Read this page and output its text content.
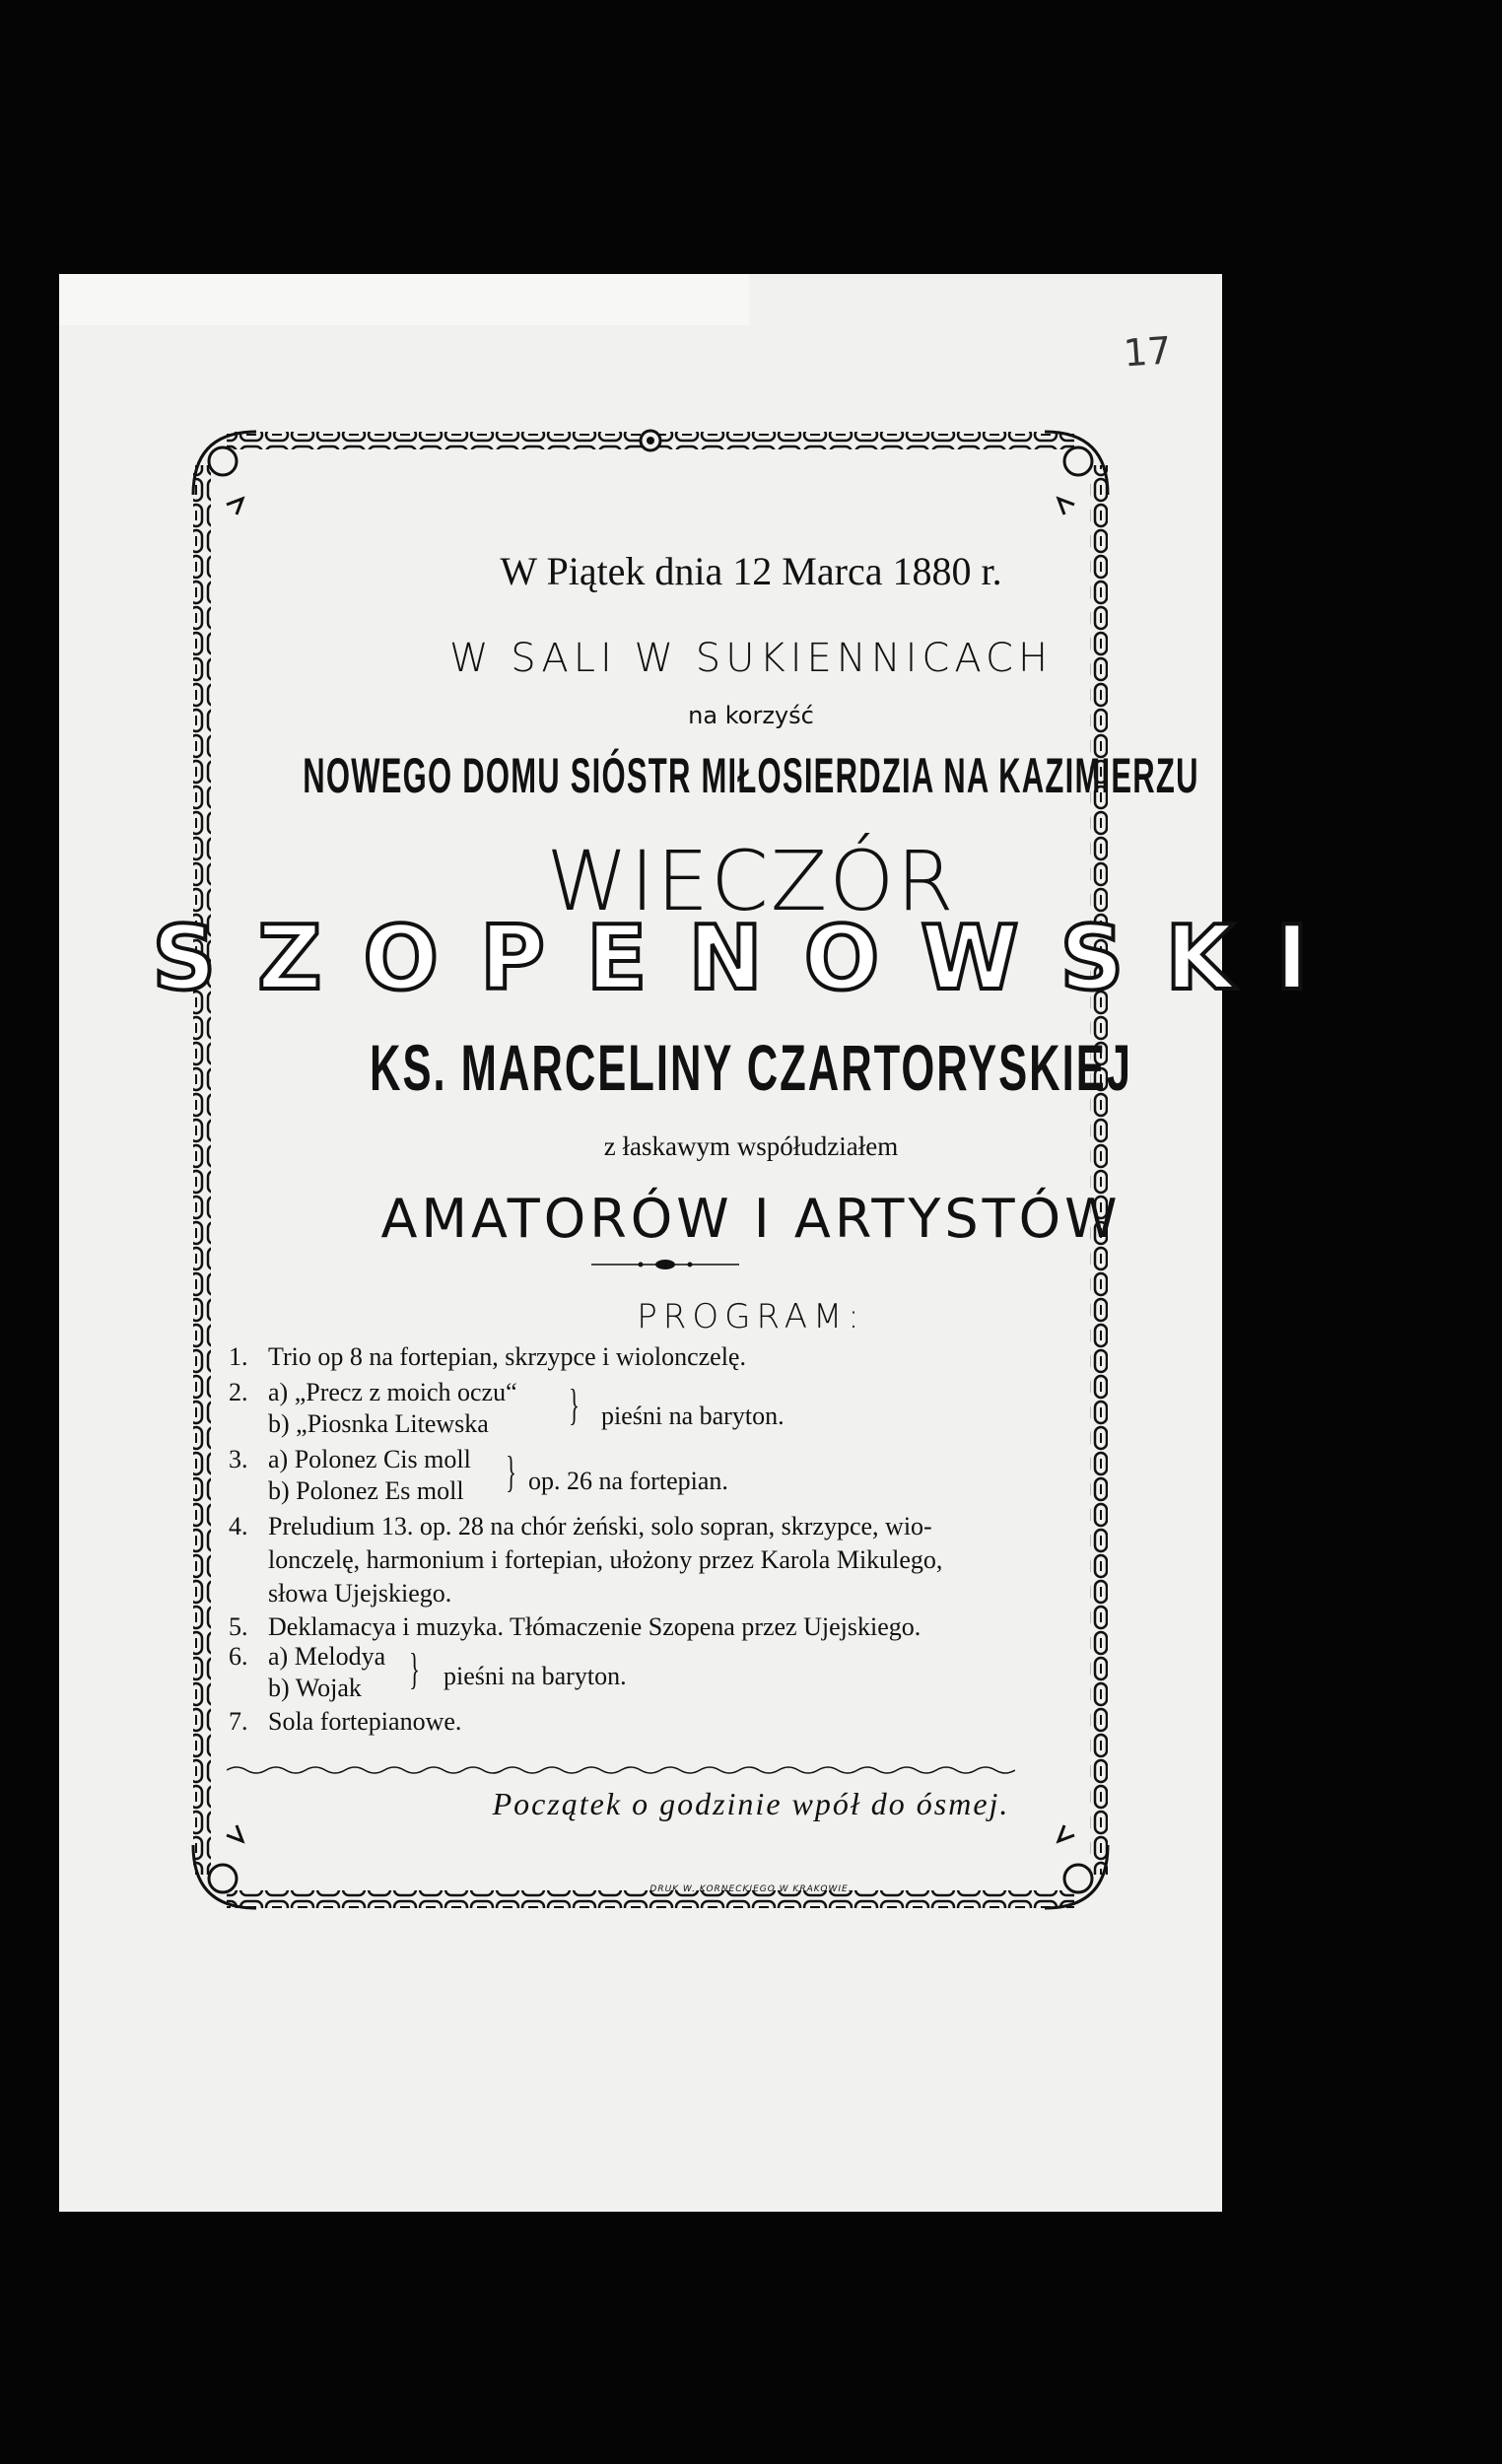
17
W Piątek dnia 12 Marca 1880 r.
W SALI W SUKIENNICACH
na korzyść
NOWEGO DOMU SIÓSTR MIŁOSIERDZIA NA KAZIMIERZU
WIECZÓR
SZOPENOWSKI
KS. MARCELINY CZARTORYSKIEJ
z łaskawym współudziałem
AMATORÓW I ARTYSTÓW
PROGRAM:
1. Trio op 8 na fortepian, skrzypce i wiolonczelę.
2. a) „Precz z moich oczu“
b) „Piosnka Litewska } pieśni na baryton.
3. a) Polonez Cis moll
b) Polonez Es moll } op. 26 na fortepian.
4. Preludium 13. op. 28 na chór żeński, solo sopran, skrzypce, wio-
lonczelę, harmonium i fortepian, ułożony przez Karola Mikulego,
słowa Ujejskiego.
5. Deklamacya i muzyka. Tłómaczenie Szopena przez Ujejskiego.
6. a) Melodya
b) Wojak } pieśni na baryton.
7. Sola fortepianowe.
Początek o godzinie wpół do ósmej.
DRUK W. KORNECKIEGO W KRAKOWIE.
